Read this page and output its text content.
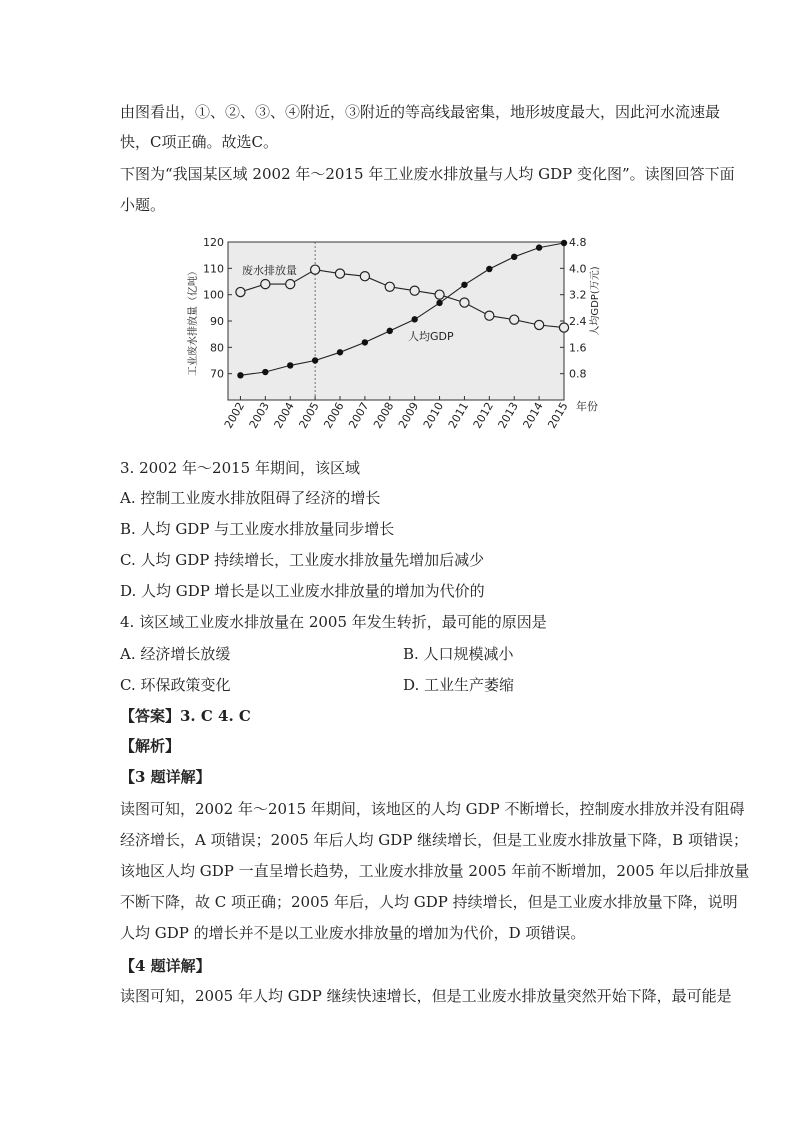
由图看出，①、②、③、④附近，③附近的等高线最密集，地形坡度最大，因此河水流速最
快，C项正确。故选C。
下图为“我国某区域 2002 年～2015 年工业废水排放量与人均 GDP 变化图”。读图回答下面
小题。
120
110
100
90
80
70
4.8
4.0
3.2
2.4
1.6
0.8
2002 2003 2004 2005 2006 2007 2008 2009 2010 2011 2012 2013 2014 2015
废水排放量
人均GDP
年份
工业废水排放量（亿吨）	人均GDP(万元)
3. 2002 年～2015 年期间，该区域
A. 控制工业废水排放阻碍了经济的增长
B. 人均 GDP 与工业废水排放量同步增长
C. 人均 GDP 持续增长，工业废水排放量先增加后减少
D. 人均 GDP 增长是以工业废水排放量的增加为代价的
4. 该区域工业废水排放量在 2005 年发生转折，最可能的原因是
A. 经济增长放缓	B. 人口规模减小
C. 环保政策变化	D. 工业生产萎缩
【答案】3. C 4. C
【解析】
【3 题详解】
读图可知，2002 年～2015 年期间，该地区的人均 GDP 不断增长，控制废水排放并没有阻碍
经济增长，A 项错误；2005 年后人均 GDP 继续增长，但是工业废水排放量下降，B 项错误；
该地区人均 GDP 一直呈增长趋势，工业废水排放量 2005 年前不断增加，2005 年以后排放量
不断下降，故 C 项正确；2005 年后，人均 GDP 持续增长，但是工业废水排放量下降，说明
人均 GDP 的增长并不是以工业废水排放量的增加为代价，D 项错误。
【4 题详解】
读图可知，2005 年人均 GDP 继续快速增长，但是工业废水排放量突然开始下降，最可能是
